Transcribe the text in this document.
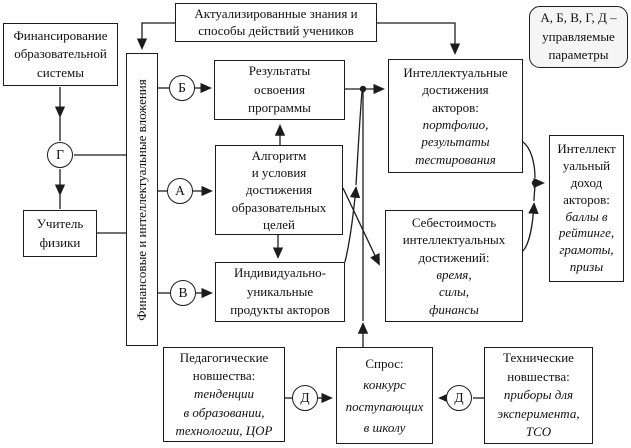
Финансирование
образовательной
системы
Актуализированные знания и
способы действий учеников
А, Б, В, Г, Д –
управляемые
параметры
Финансовые и интеллектуальные вложения
Учитель
физики
Результаты
освоения
программы
Алгоритм
и условия
достижения
образовательных
целей
Индивидуально-
уникальные
продукты акторов
Интеллектуальные
достижения
акторов:
портфолио,
результаты
тестирования
Себестоимость
интеллектуальных
достижений:
время,
силы,
финансы
Интеллект
уальный
доход
акторов:
баллы в
рейтинге,
грамоты,
призы
Педагогические
новшества:
тенденции
в образовании,
технологии, ЦОР
Спрос:
конкурс
поступающих
в школу
Технические
новшества:
приборы для
эксперимента,
ТСО
Г
Б
А
В
Д	Д
